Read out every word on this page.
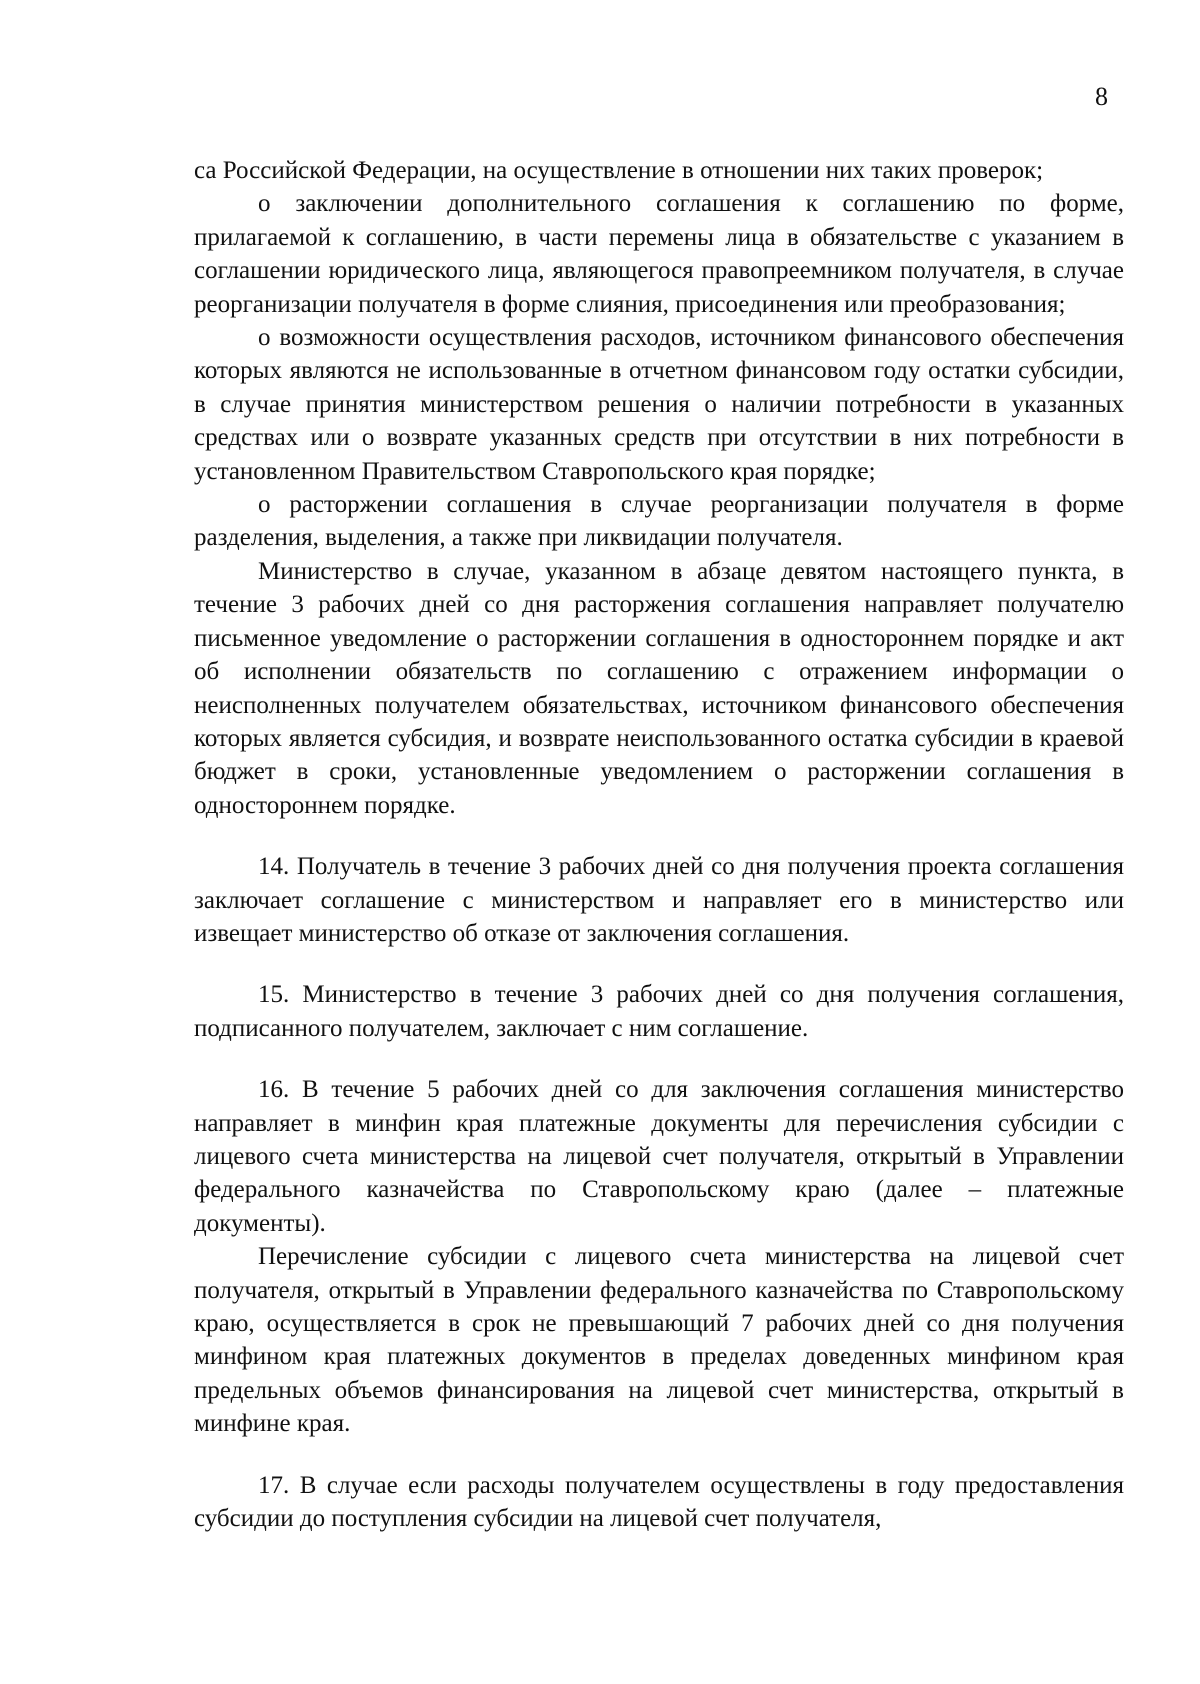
8

са Российской Федерации, на осуществление в отношении них таких проверок;

о заключении дополнительного соглашения к соглашению по форме, прилагаемой к соглашению, в части перемены лица в обязательстве с указанием в соглашении юридического лица, являющегося правопреемником получателя, в случае реорганизации получателя в форме слияния, присоединения или преобразования;

о возможности осуществления расходов, источником финансового обеспечения которых являются не использованные в отчетном финансовом году остатки субсидии, в случае принятия министерством решения о наличии потребности в указанных средствах или о возврате указанных средств при отсутствии в них потребности в установленном Правительством Ставропольского края порядке;

о расторжении соглашения в случае реорганизации получателя в форме разделения, выделения, а также при ликвидации получателя.

Министерство в случае, указанном в абзаце девятом настоящего пункта, в течение 3 рабочих дней со дня расторжения соглашения направляет получателю письменное уведомление о расторжении соглашения в одностороннем порядке и акт об исполнении обязательств по соглашению с отражением информации о неисполненных получателем обязательствах, источником финансового обеспечения которых является субсидия, и возврате неиспользованного остатка субсидии в краевой бюджет в сроки, установленные уведомлением о расторжении соглашения в одностороннем порядке.

14. Получатель в течение 3 рабочих дней со дня получения проекта соглашения заключает соглашение с министерством и направляет его в министерство или извещает министерство об отказе от заключения соглашения.

15. Министерство в течение 3 рабочих дней со дня получения соглашения, подписанного получателем, заключает с ним соглашение.

16. В течение 5 рабочих дней со для заключения соглашения министерство направляет в минфин края платежные документы для перечисления субсидии с лицевого счета министерства на лицевой счет получателя, открытый в Управлении федерального казначейства по Ставропольскому краю (далее – платежные документы).

Перечисление субсидии с лицевого счета министерства на лицевой счет получателя, открытый в Управлении федерального казначейства по Ставропольскому краю, осуществляется в срок не превышающий 7 рабочих дней со дня получения минфином края платежных документов в пределах доведенных минфином края предельных объемов финансирования на лицевой счет министерства, открытый в минфине края.

17. В случае если расходы получателем осуществлены в году предоставления субсидии до поступления субсидии на лицевой счет получателя,
